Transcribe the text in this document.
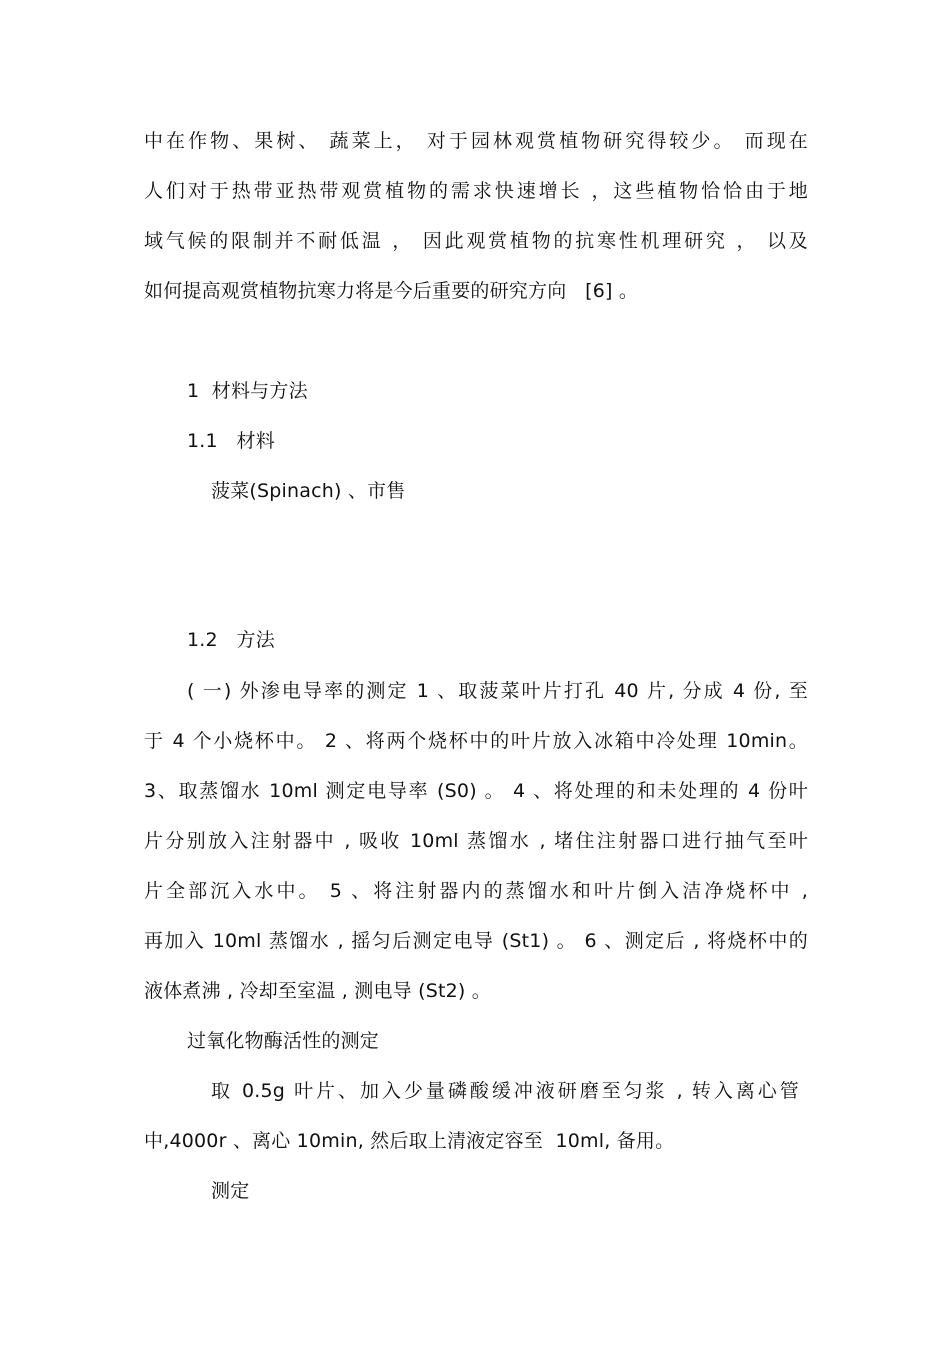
中在作物、果树、 蔬菜上， 对于园林观赏植物研究得较少。 而现在
人们对于热带亚热带观赏植物的需求快速增长 ，这些植物恰恰由于地
域气候的限制并不耐低温 ， 因此观赏植物的抗寒性机理研究 ， 以及
如何提高观赏植物抗寒力将是今后重要的研究方向   [6] 。
1  材料与方法
1.1   材料
菠菜(Spinach) 、市售
1.2   方法
( 一) 外渗电导率的测定 1 、取菠菜叶片打孔 40 片, 分成 4 份, 至
于 4 个小烧杯中。 2 、将两个烧杯中的叶片放入冰箱中冷处理 10min。
3、取蒸馏水 10ml 测定电导率 (S0) 。 4 、将处理的和未处理的 4 份叶
片分别放入注射器中 , 吸收 10ml 蒸馏水 , 堵住注射器口进行抽气至叶
片全部沉入水中。 5 、将注射器内的蒸馏水和叶片倒入洁净烧杯中 ,
再加入 10ml 蒸馏水 , 摇匀后测定电导 (St1) 。 6 、测定后 , 将烧杯中的
液体煮沸 , 冷却至室温 , 测电导 (St2) 。
过氧化物酶活性的测定
取 0.5g 叶片、加入少量磷酸缓冲液研磨至匀浆 , 转入离心管
中,4000r 、离心 10min, 然后取上清液定容至  10ml, 备用。
测定
